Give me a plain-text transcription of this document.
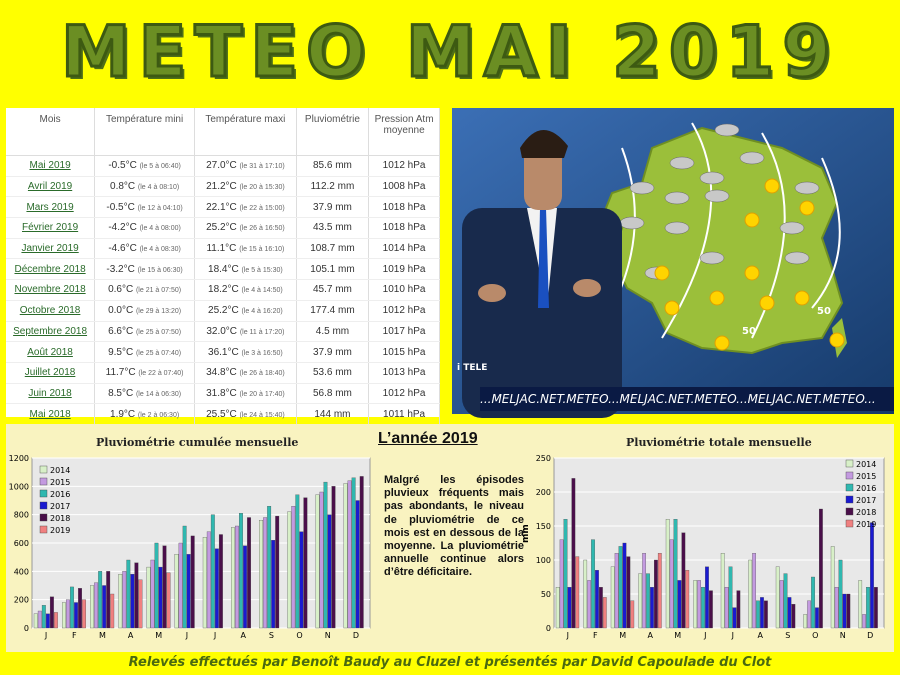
METEO MAI 2019
Mois	Température mini	Température maxi	Pluviométrie	Pression Atm moyenne
Mai 2019	-0.5°C (le 5 à 06:40)	27.0°C (le 31 à 17:10)	85.6 mm	1012 hPa
Avril 2019	0.8°C (le 4 à 08:10)	21.2°C (le 20 à 15:30)	112.2 mm	1008 hPa
Mars 2019	-0.5°C (le 12 à 04:10)	22.1°C (le 22 à 15:00)	37.9 mm	1018 hPa
Février 2019	-4.2°C (le 4 à 08:00)	25.2°C (le 26 à 16:50)	43.5 mm	1018 hPa
Janvier 2019	-4.6°C (le 4 à 08:30)	11.1°C (le 15 à 16:10)	108.7 mm	1014 hPa
Décembre 2018	-3.2°C (le 15 à 06:30)	18.4°C (le 5 à 15:30)	105.1 mm	1019 hPa
Novembre 2018	0.6°C (le 21 à 07:50)	18.2°C (le 4 à 14:50)	45.7 mm	1010 hPa
Octobre 2018	0.0°C (le 29 à 13:20)	25.2°C (le 4 à 16:20)	177.4 mm	1012 hPa
Septembre 2018	6.6°C (le 25 à 07:50)	32.0°C (le 11 à 17:20)	4.5 mm	1017 hPa
Août 2018	9.5°C (le 25 à 07:40)	36.1°C (le 3 à 16:50)	37.9 mm	1015 hPa
Juillet 2018	11.7°C (le 22 à 07:40)	34.8°C (le 26 à 18:40)	53.6 mm	1013 hPa
Juin 2018	8.5°C (le 14 à 06:30)	31.8°C (le 20 à 17:40)	56.8 mm	1012 hPa
Mai 2018	1.9°C (le 2 à 06:30)	25.5°C (le 24 à 15:40)	144 mm	1011 hPa
50
50
i TELE
...MELJAC.NET.METEO...MELJAC.NET.METEO...MELJAC.NET.METEO...
Pluviométrie cumulée mensuelle	Pluviométrie totale mensuelle
0
200
400
600
800
1000
1200
J	F	M	A	M	J	J	A	S	O	N	D
2014
2015
2016
2017
2018
2019
L’année 2019
Malgré les épisodes pluvieux fréquents mais pas abondants, le niveau de pluviométrie de ce mois est en dessous de la moyenne. La pluviométrie annuelle continue alors d’être déficitaire.
0
50
100
150
200
250
J	F	M	A	M	J	J	A	S	O	N	D
mm
2014
2015
2016
2017
2018
2019
Relevés effectués par Benoît Baudy au Cluzel et présentés par David Capoulade du Clot
